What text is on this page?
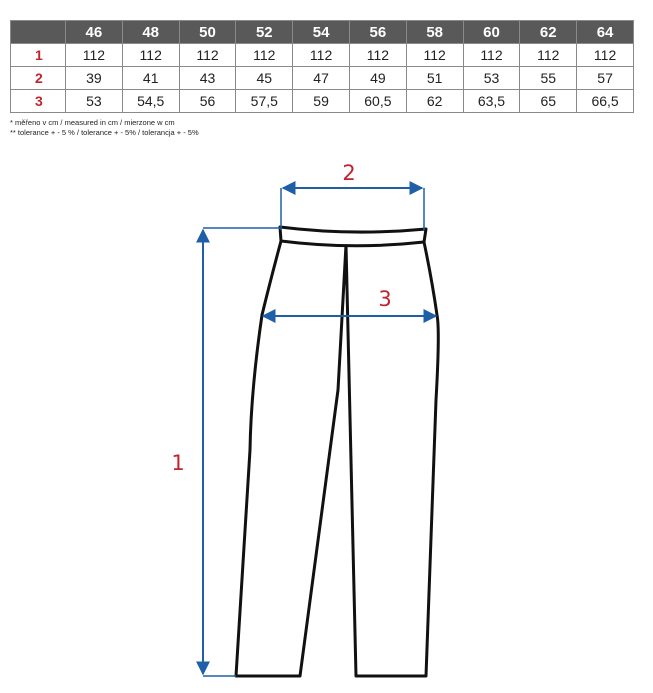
	46	48	50	52	54	56	58	60	62	64
1	112	112	112	112	112	112	112	112	112	112
2	39	41	43	45	47	49	51	53	55	57
3	53	54,5	56	57,5	59	60,5	62	63,5	65	66,5
* měřeno v cm / measured in cm / mierzone w cm
** tolerance + - 5 % / tolerance + - 5% / tolerancja + - 5%
2
3
1
